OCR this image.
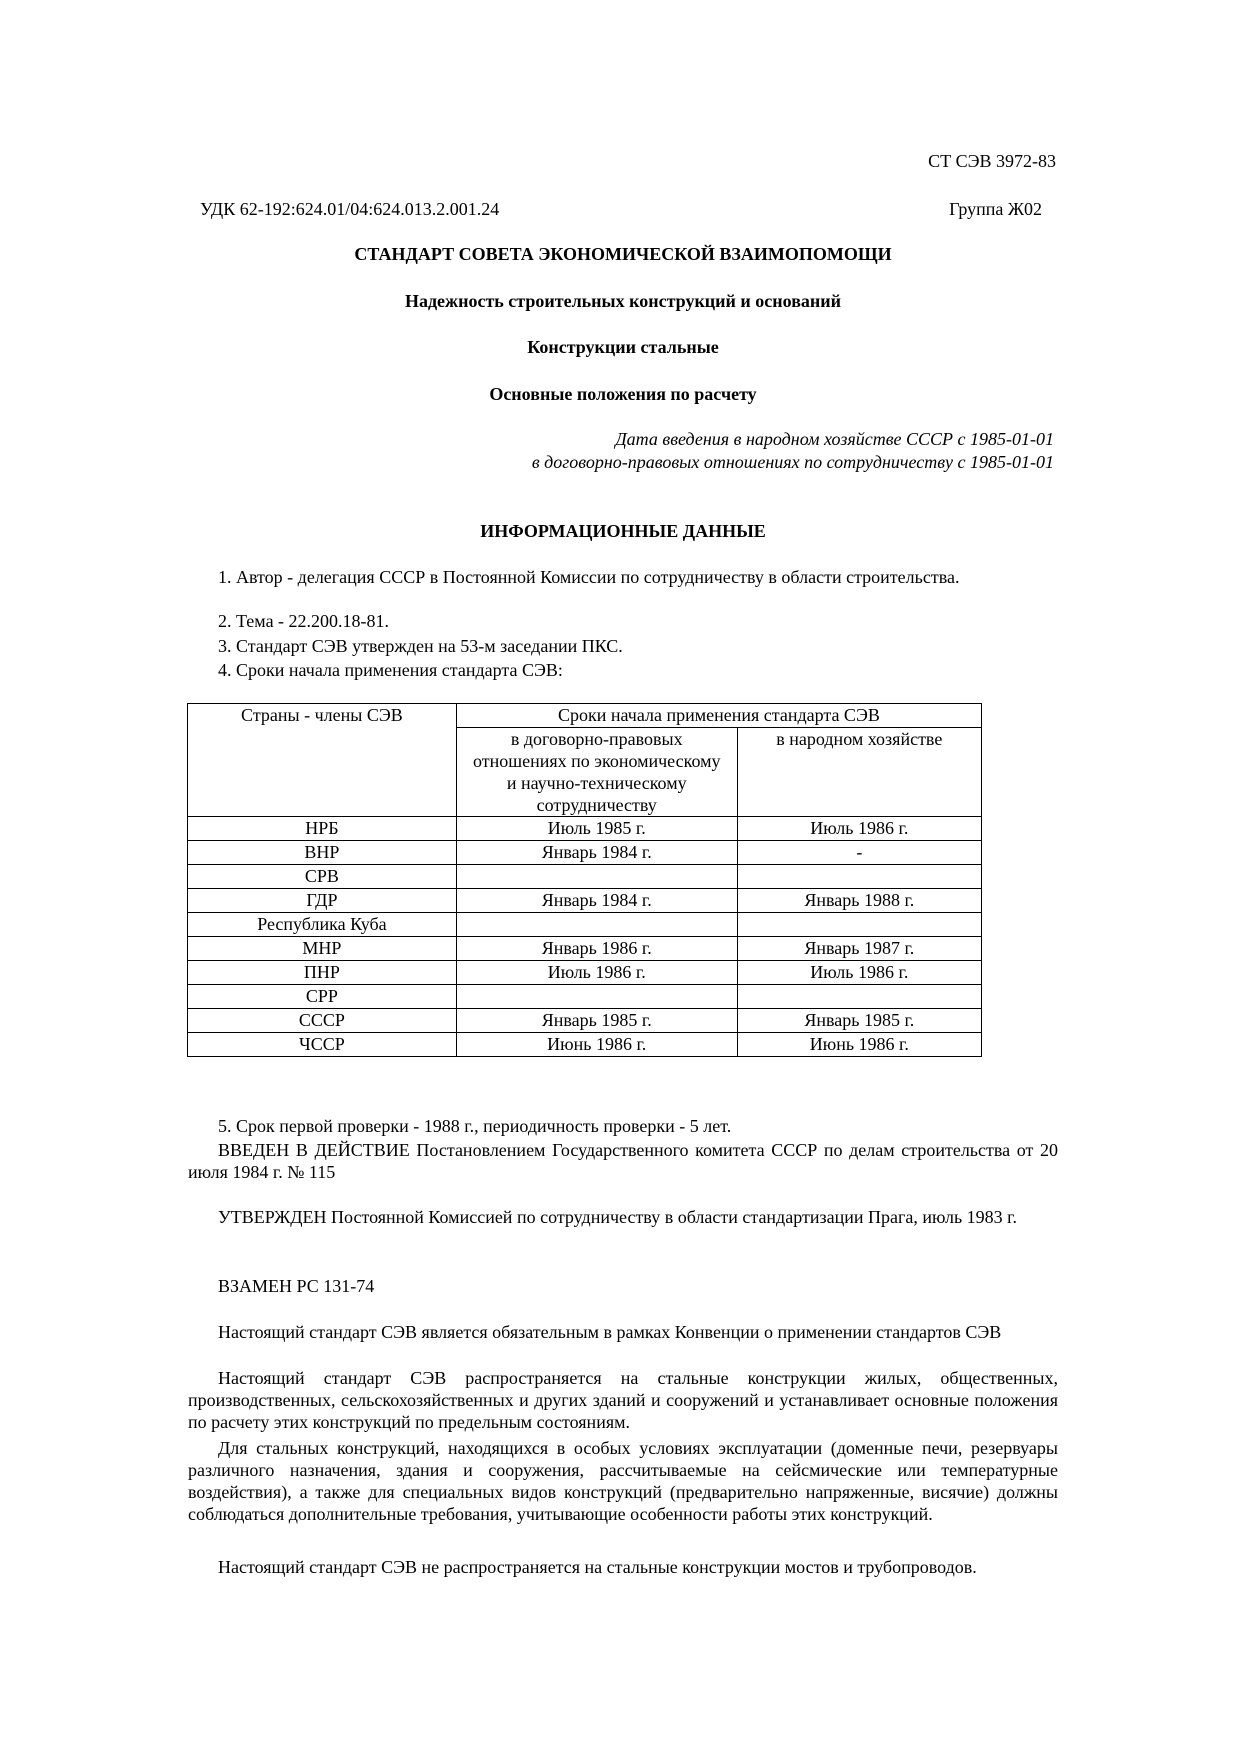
СТ СЭВ 3972-83
УДК 62-192:624.01/04:624.013.2.001.24	Группа Ж02
СТАНДАРТ СОВЕТА ЭКОНОМИЧЕСКОЙ ВЗАИМОПОМОЩИ
Надежность строительных конструкций и оснований
Конструкции стальные
Основные положения по расчету
Дата введения в народном хозяйстве СССР с 1985-01-01
в договорно-правовых отношениях по сотрудничеству с 1985-01-01
ИНФОРМАЦИОННЫЕ ДАННЫЕ
1. Автор - делегация СССР в Постоянной Комиссии по сотрудничеству в области строительства.
2. Тема - 22.200.18-81.
3. Стандарт СЭВ утвержден на 53-м заседании ПКС.
4. Сроки начала применения стандарта СЭВ:
Страны - члены СЭВ	Сроки начала применения стандарта СЭВ	
	в договорно-правовых отношениях по экономическому и научно-техническому сотрудничеству	в народном хозяйстве
НРБ	Июль 1985 г.	Июль 1986 г.
ВНР	Январь 1984 г.	-
СРВ		
ГДР	Январь 1984 г.	Январь 1988 г.
Республика Куба		
МНР	Январь 1986 г.	Январь 1987 г.
ПНР	Июль 1986 г.	Июль 1986 г.
СРР		
СССР	Январь 1985 г.	Январь 1985 г.
ЧССР	Июнь 1986 г.	Июнь 1986 г.
5. Срок первой проверки - 1988 г., периодичность проверки - 5 лет.
ВВЕДЕН В ДЕЙСТВИЕ Постановлением Государственного комитета СССР по делам строительства от 20 июля 1984 г. № 115
УТВЕРЖДЕН Постоянной Комиссией по сотрудничеству в области стандартизации Прага, июль 1983 г.
ВЗАМЕН РС 131-74
Настоящий стандарт СЭВ является обязательным в рамках Конвенции о применении стандартов СЭВ
Настоящий стандарт СЭВ распространяется на стальные конструкции жилых, общественных, производственных, сельскохозяйственных и других зданий и сооружений и устанавливает основные положения по расчету этих конструкций по предельным состояниям.
Для стальных конструкций, находящихся в особых условиях эксплуатации (доменные печи, резервуары различного назначения, здания и сооружения, рассчитываемые на сейсмические или температурные воздействия), а также для специальных видов конструкций (предварительно напряженные, висячие) должны соблюдаться дополнительные требования, учитывающие особенности работы этих конструкций.
Настоящий стандарт СЭВ не распространяется на стальные конструкции мостов и трубопроводов.
